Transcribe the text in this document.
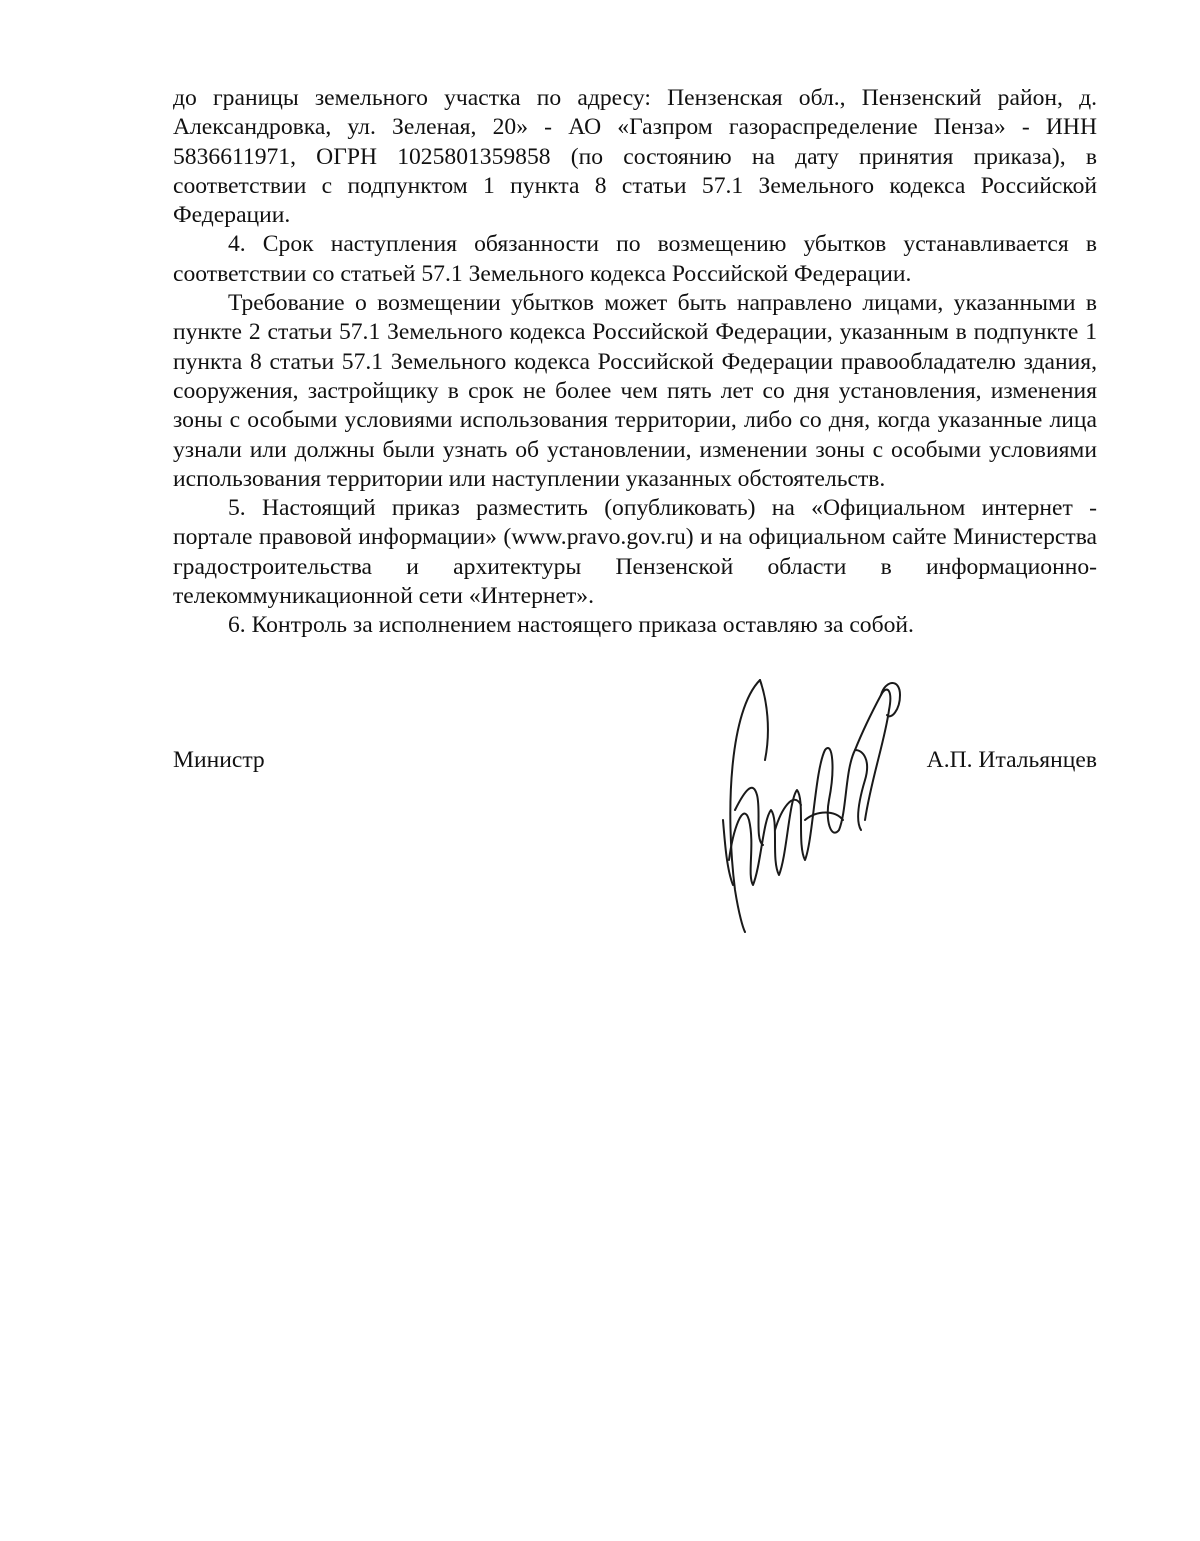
до границы земельного участка по адресу: Пензенская обл., Пензенский район, д. Александровка, ул. Зеленая, 20» - АО «Газпром газораспределение Пенза» - ИНН 5836611971, ОГРН 1025801359858 (по состоянию на дату принятия приказа), в соответствии с подпунктом 1 пункта 8 статьи 57.1 Земельного кодекса Российской Федерации.

4. Срок наступления обязанности по возмещению убытков устанавливается в соответствии со статьей 57.1 Земельного кодекса Российской Федерации.

Требование о возмещении убытков может быть направлено лицами, указанными в пункте 2 статьи 57.1 Земельного кодекса Российской Федерации, указанным в подпункте 1 пункта 8 статьи 57.1 Земельного кодекса Российской Федерации правообладателю здания, сооружения, застройщику в срок не более чем пять лет со дня установления, изменения зоны с особыми условиями использования территории, либо со дня, когда указанные лица узнали или должны были узнать об установлении, изменении зоны с особыми условиями использования территории или наступлении указанных обстоятельств.

5. Настоящий приказ разместить (опубликовать) на «Официальном интернет - портале правовой информации» (www.pravo.gov.ru) и на официальном сайте Министерства градостроительства и архитектуры Пензенской области в информационно-телекоммуникационной сети «Интернет».

6. Контроль за исполнением настоящего приказа оставляю за собой.

Министр	А.П. Итальянцев
